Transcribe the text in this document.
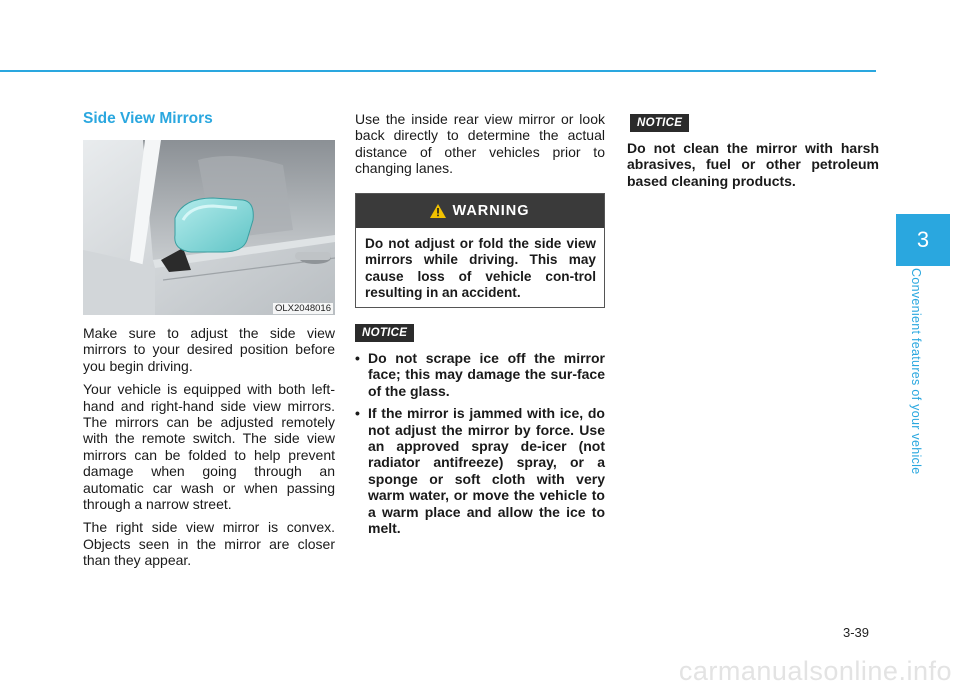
3
Convenient features of your vehicle
Side View Mirrors
OLX2048016

Make sure to adjust the side view mirrors to your desired position before you begin driving.

Your vehicle is equipped with both left-hand and right-hand side view mirrors. The mirrors can be adjusted remotely with the remote switch. The side view mirrors can be folded to help prevent damage when going through an automatic car wash or when passing through a narrow street.

The right side view mirror is convex. Objects seen in the mirror are closer than they appear.

Use the inside rear view mirror or look back directly to determine the actual distance of other vehicles prior to changing lanes.

WARNING
Do not adjust or fold the side view mirrors while driving. This may cause loss of vehicle con-trol resulting in an accident.
NOTICE
• Do not scrape ice off the mirror face; this may damage the sur-face of the glass.
• If the mirror is jammed with ice, do not adjust the mirror by force. Use an approved spray de-icer (not radiator antifreeze) spray, or a sponge or soft cloth with very warm water, or move the vehicle to a warm place and allow the ice to melt.
NOTICE

Do not clean the mirror with harsh abrasives, fuel or other petroleum based cleaning products.

3-39
carmanualsonline.info
